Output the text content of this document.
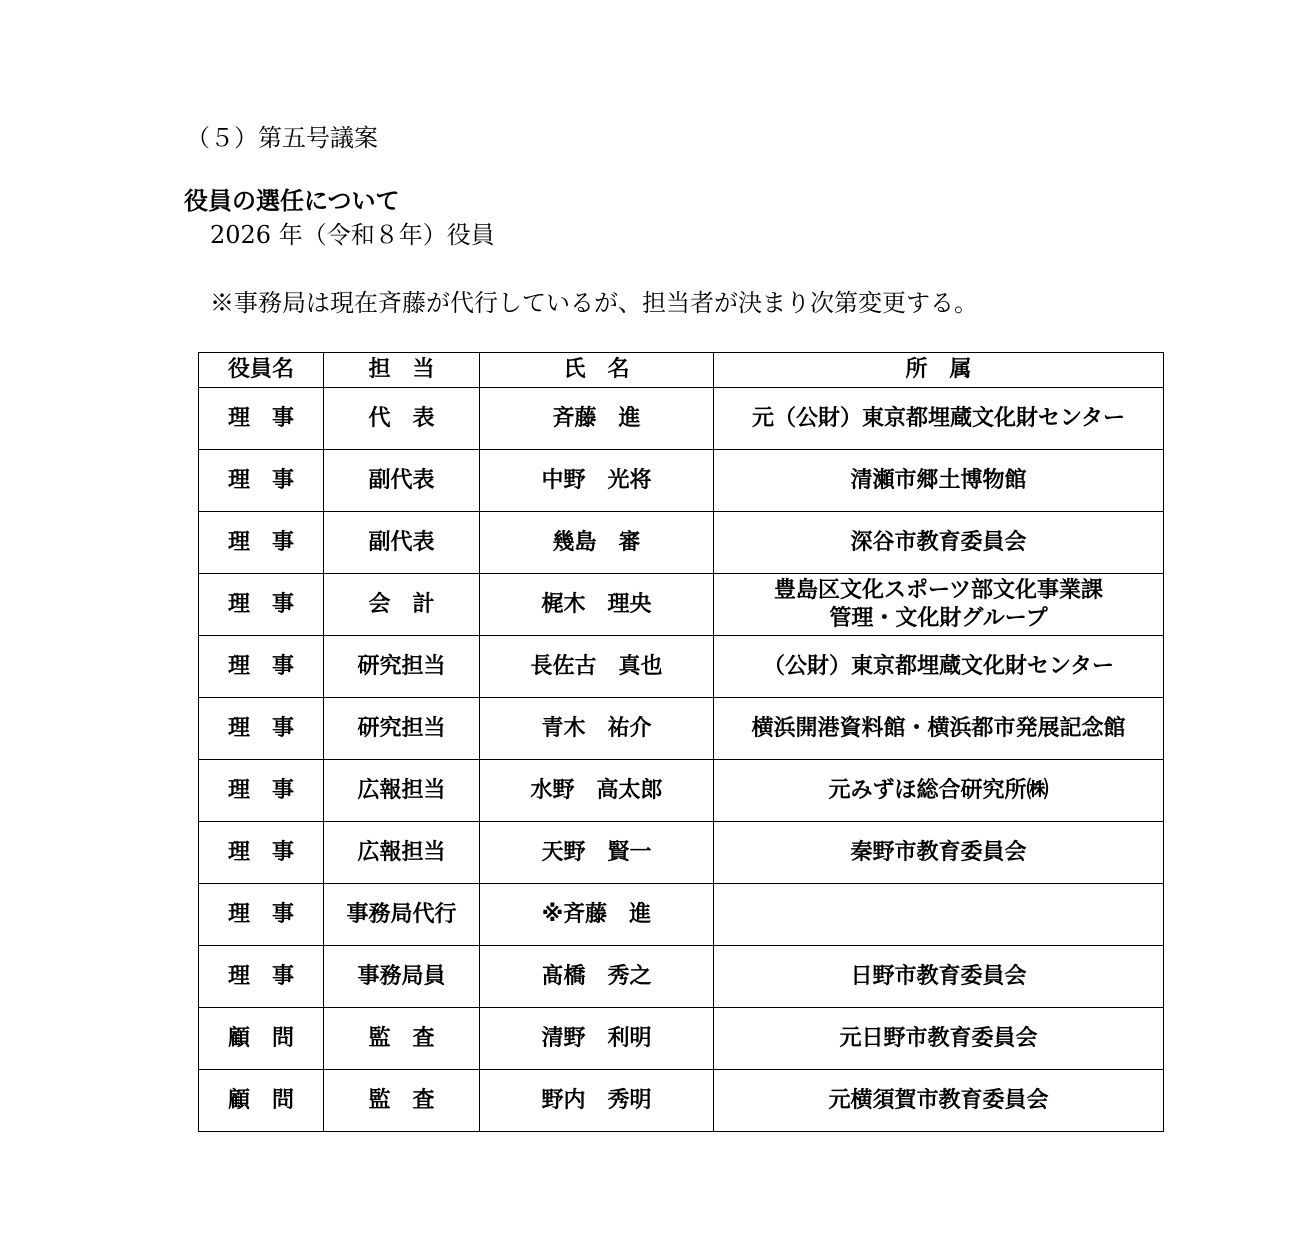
（５）第五号議案
役員の選任について
2026 年（令和８年）役員
※事務局は現在斉藤が代行しているが、担当者が決まり次第変更する。
役員名	担　当	氏　名	所　属
理　事	代　表	斉藤　進	元（公財）東京都埋蔵文化財センター
理　事	副代表	中野　光将	清瀬市郷土博物館
理　事	副代表	幾島　審	深谷市教育委員会
理　事	会　計	梶木　理央	豊島区文化スポーツ部文化事業課
管理・文化財グループ
理　事	研究担当	長佐古　真也	（公財）東京都埋蔵文化財センター
理　事	研究担当	青木　祐介	横浜開港資料館・横浜都市発展記念館
理　事	広報担当	水野　高太郎	元みずほ総合研究所㈱
理　事	広報担当	天野　賢一	秦野市教育委員会
理　事	事務局代行	※斉藤　進	
理　事	事務局員	髙橋　秀之	日野市教育委員会
顧　問	監　査	清野　利明	元日野市教育委員会
顧　問	監　査	野内　秀明	元横須賀市教育委員会
